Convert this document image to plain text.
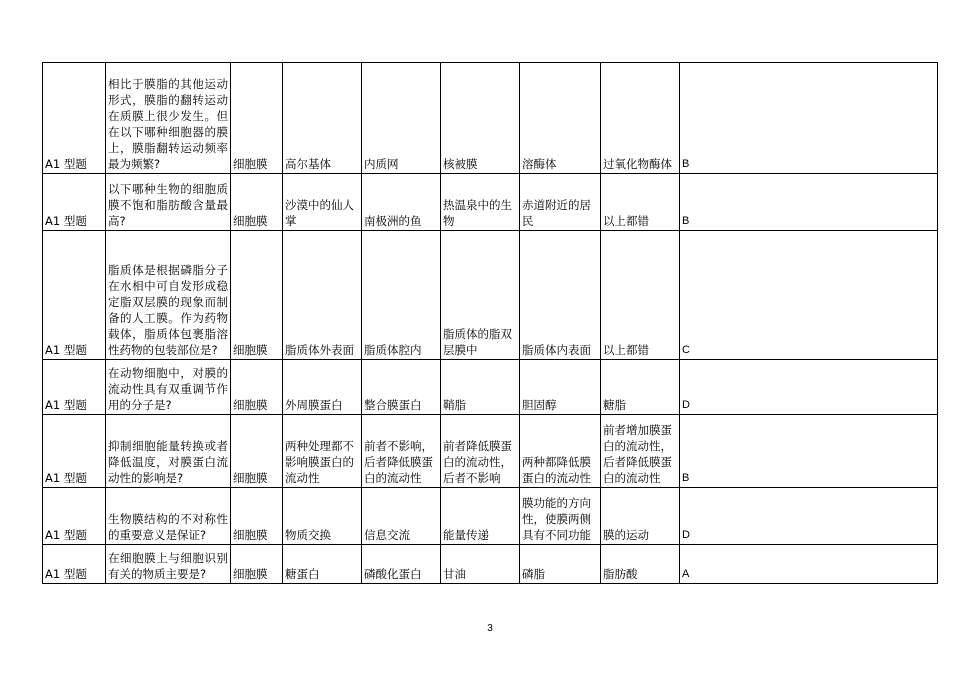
A1 型题	相比于膜脂的其他运动形式，膜脂的翻转运动在质膜上很少发生。但在以下哪种细胞器的膜上，膜脂翻转运动频率最为频繁?	细胞膜	高尔基体	内质网	核被膜	溶酶体	过氧化物酶体	B
A1 型题	以下哪种生物的细胞质膜不饱和脂肪酸含量最高?	细胞膜	沙漠中的仙人掌	南极洲的鱼	热温泉中的生物	赤道附近的居民	以上都错	B
A1 型题	脂质体是根据磷脂分子在水相中可自发形成稳定脂双层膜的现象而制备的人工膜。作为药物载体，脂质体包裹脂溶性药物的包装部位是?	细胞膜	脂质体外表面	脂质体腔内	脂质体的脂双层膜中	脂质体内表面	以上都错	C
A1 型题	在动物细胞中，对膜的流动性具有双重调节作用的分子是?	细胞膜	外周膜蛋白	整合膜蛋白	鞘脂	胆固醇	糖脂	D
A1 型题	抑制细胞能量转换或者降低温度，对膜蛋白流动性的影响是?	细胞膜	两种处理都不影响膜蛋白的流动性	前者不影响，后者降低膜蛋白的流动性	前者降低膜蛋白的流动性，后者不影响	两种都降低膜蛋白的流动性	前者增加膜蛋白的流动性，后者降低膜蛋白的流动性	B
A1 型题	生物膜结构的不对称性的重要意义是保证?	细胞膜	物质交换	信息交流	能量传递	膜功能的方向性，使膜两侧具有不同功能	膜的运动	D
A1 型题	在细胞膜上与细胞识别有关的物质主要是?	细胞膜	糖蛋白	磷酸化蛋白	甘油	磷脂	脂肪酸	A
3
